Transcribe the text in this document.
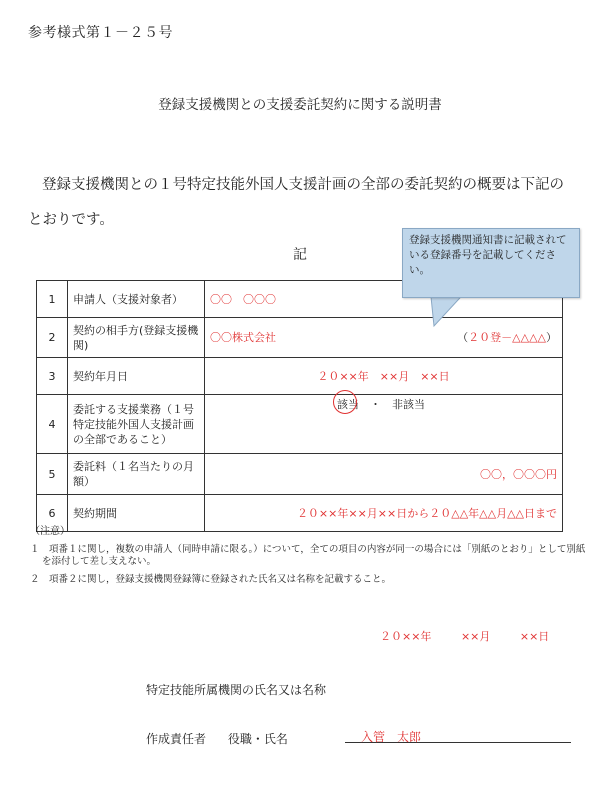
参考様式第１－２５号
登録支援機関との支援委託契約に関する説明書
登録支援機関との１号特定技能外国人支援計画の全部の委託契約の概要は下記のとおりです。
記
1	申請人（支援対象者）	〇〇　〇〇〇
2	契約の相手方(登録支援機関)	〇〇株式会社 （２０登－△△△△）

3	契約年月日	２０××年　××月　××日
4	委託する支援業務（１号特定技能外国人支援計画の全部であること）	該当　・　非該当
5	委託料（１名当たりの月額）	〇〇，〇〇〇円
6	契約期間	２０××年××月××日から２０△△年△△月△△日まで
登録支援機関通知書に記載されている登録番号を記載してください。
（注意）
１　項番１に関し，複数の申請人（同時申請に限る。）について，全ての項目の内容が同一の場合には「別紙のとおり」として別紙を添付して差し支えない。
２　項番２に関し，登録支援機関登録簿に登録された氏名又は名称を記載すること。
２０××年	××月	××日
特定技能所属機関の氏名又は名称
作成責任者 役職・氏名	入管　太郎
